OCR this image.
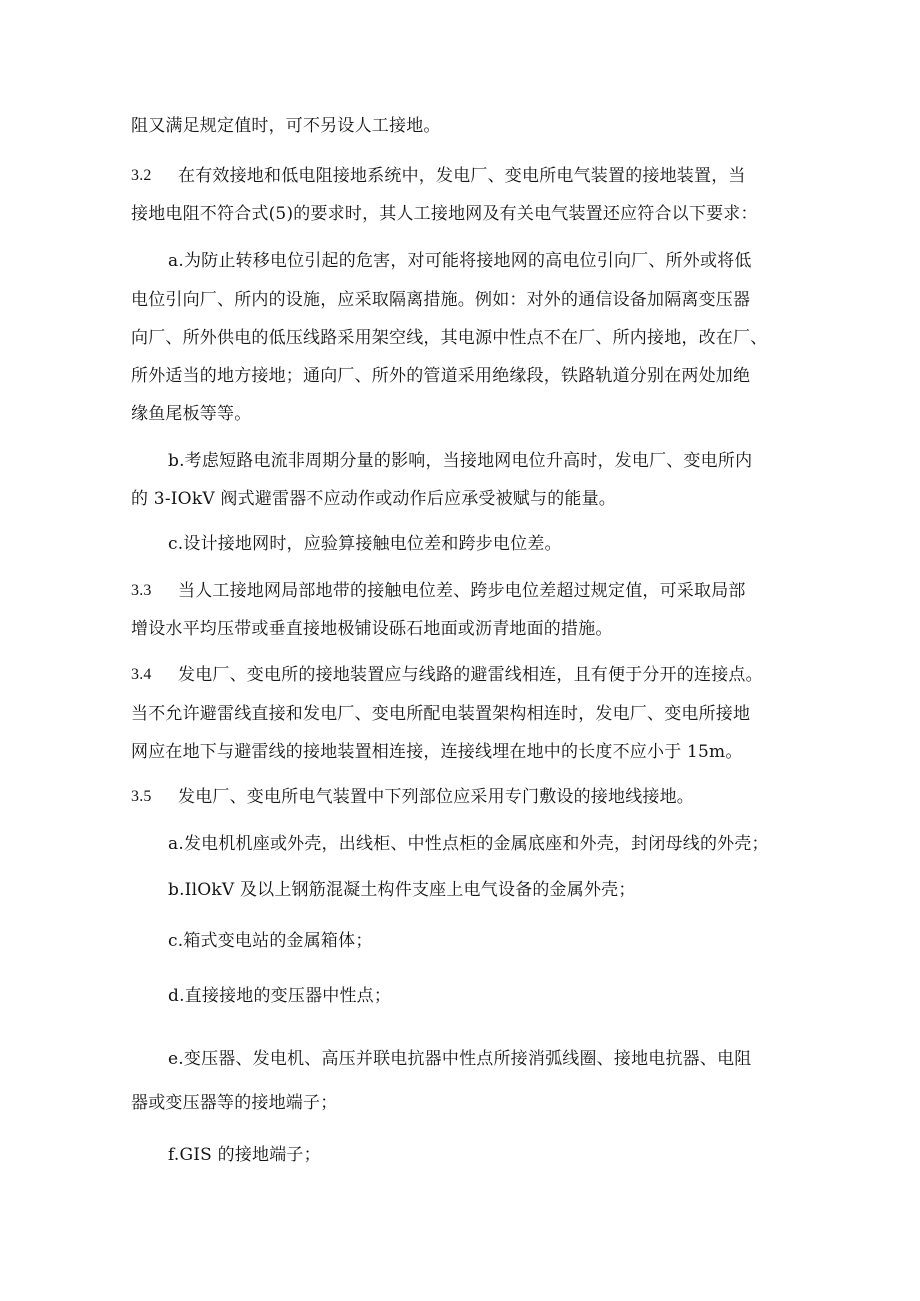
阻又满足规定值时，可不另设人工接地。
3.2 在有效接地和低电阻接地系统中，发电厂、变电所电气装置的接地装置，当
接地电阻不符合式(5)的要求时，其人工接地网及有关电气装置还应符合以下要求：
a.为防止转移电位引起的危害，对可能将接地网的高电位引向厂、所外或将低
电位引向厂、所内的设施，应采取隔离措施。例如：对外的通信设备加隔离变压器
向厂、所外供电的低压线路采用架空线，其电源中性点不在厂、所内接地，改在厂、
所外适当的地方接地；通向厂、所外的管道采用绝缘段，铁路轨道分别在两处加绝
缘鱼尾板等等。
b.考虑短路电流非周期分量的影响，当接地网电位升高时，发电厂、变电所内
的 3-IOkV 阀式避雷器不应动作或动作后应承受被赋与的能量。
c.设计接地网时，应验算接触电位差和跨步电位差。
3.3 当人工接地网局部地带的接触电位差、跨步电位差超过规定值，可采取局部
增设水平均压带或垂直接地极铺设砾石地面或沥青地面的措施。
3.4 发电厂、变电所的接地装置应与线路的避雷线相连，且有便于分开的连接点。
当不允许避雷线直接和发电厂、变电所配电装置架构相连时，发电厂、变电所接地
网应在地下与避雷线的接地装置相连接，连接线埋在地中的长度不应小于 15m。
3.5 发电厂、变电所电气装置中下列部位应采用专门敷设的接地线接地。
a.发电机机座或外壳，出线柜、中性点柜的金属底座和外壳，封闭母线的外壳；
b.IlOkV 及以上钢筋混凝土构件支座上电气设备的金属外壳；
c.箱式变电站的金属箱体；
d.直接接地的变压器中性点；
e.变压器、发电机、高压并联电抗器中性点所接消弧线圈、接地电抗器、电阻
器或变压器等的接地端子；
f.GIS 的接地端子；
